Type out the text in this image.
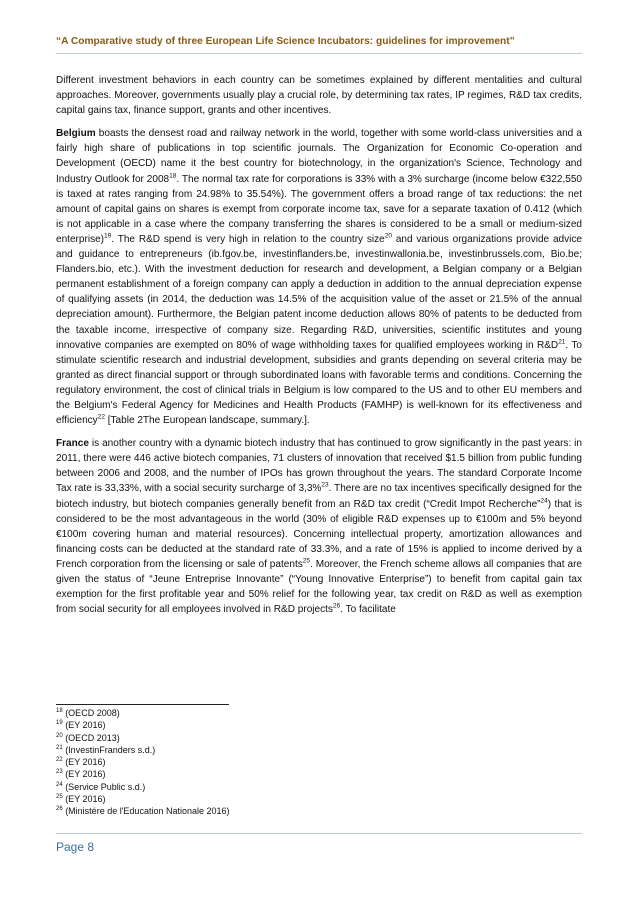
“A Comparative study of three European Life Science Incubators: guidelines for improvement”

Different investment behaviors in each country can be sometimes explained by different mentalities and cultural approaches. Moreover, governments usually play a crucial role, by determining tax rates, IP regimes, R&D tax credits, capital gains tax, finance support, grants and other incentives.

Belgium boasts the densest road and railway network in the world, together with some world-class universities and a fairly high share of publications in top scientific journals. The Organization for Economic Co-operation and Development (OECD) name it the best country for biotechnology, in the organization's Science, Technology and Industry Outlook for 2008$^{18}$. The normal tax rate for corporations is 33% with a 3% surcharge (income below €322,550 is taxed at rates ranging from 24.98% to 35.54%). The government offers a broad range of tax reductions: the net amount of capital gains on shares is exempt from corporate income tax, save for a separate taxation of 0.412 (which is not applicable in a case where the company transferring the shares is considered to be a small or medium-sized enterprise)$^{19}$. The R&D spend is very high in relation to the country size$^{20}$ and various organizations provide advice and guidance to entrepreneurs (ib.fgov.be, investinflanders.be, investinwallonia.be, investinbrussels.com, Bio.be; Flanders.bio, etc.). With the investment deduction for research and development, a Belgian company or a Belgian permanent establishment of a foreign company can apply a deduction in addition to the annual depreciation expense of qualifying assets (in 2014, the deduction was 14.5% of the acquisition value of the asset or 21.5% of the annual depreciation amount). Furthermore, the Belgian patent income deduction allows 80% of patents to be deducted from the taxable income, irrespective of company size. Regarding R&D, universities, scientific institutes and young innovative companies are exempted on 80% of wage withholding taxes for qualified employees working in $R\&D^{21}$. To stimulate scientific research and industrial development, subsidies and grants depending on several criteria may be granted as direct financial support or through subordinated loans with favorable terms and conditions. Concerning the regulatory environment, the cost of clinical trials in Belgium is low compared to the US and to other EU members and the Belgium's Federal Agency for Medicines and Health Products (FAMHP) is well-known for its effectiveness and efficiency$^{22}$ [Table 2The European landscape, summary.].

France is another country with a dynamic biotech industry that has continued to grow significantly in the past years: in 2011, there were 446 active biotech companies, 71 clusters of innovation that received $1.5 billion from public funding between 2006 and 2008, and the number of IPOs has grown throughout the years. The standard Corporate Income Tax rate is 33,33%, with a social security surcharge of 3,3%$^{23}$. There are no tax incentives specifically designed for the biotech industry, but biotech companies generally benefit from an R&D tax credit (“Credit Impot Recherche”$^{24}$) that is considered to be the most advantageous in the world (30% of eligible R&D expenses up to €100m and 5% beyond €100m covering human and material resources). Concerning intellectual property, amortization allowances and financing costs can be deducted at the standard rate of 33.3%, and a rate of 15% is applied to income derived by a French corporation from the licensing or sale of patents$^{25}$. Moreover, the French scheme allows all companies that are given the status of “Jeune Entreprise Innovante” (“Young Innovative Enterprise”) to benefit from capital gain tax exemption for the first profitable year and 50% relief for the following year, tax credit on R&D as well as exemption from social security for all employees involved in R&D projects$^{26}$. To facilitate

$^{18}$ (OECD 2008)
$^{19}$ (EY 2016)
$^{20}$ (OECD 2013)
$^{21}$ (InvestinFranders s.d.)
$^{22}$ (EY 2016)
$^{23}$ (EY 2016)
$^{24}$ (Service Public s.d.)
$^{25}$ (EY 2016)
$^{26}$ (Ministére de l'Education Nationale 2016)
Page 8
